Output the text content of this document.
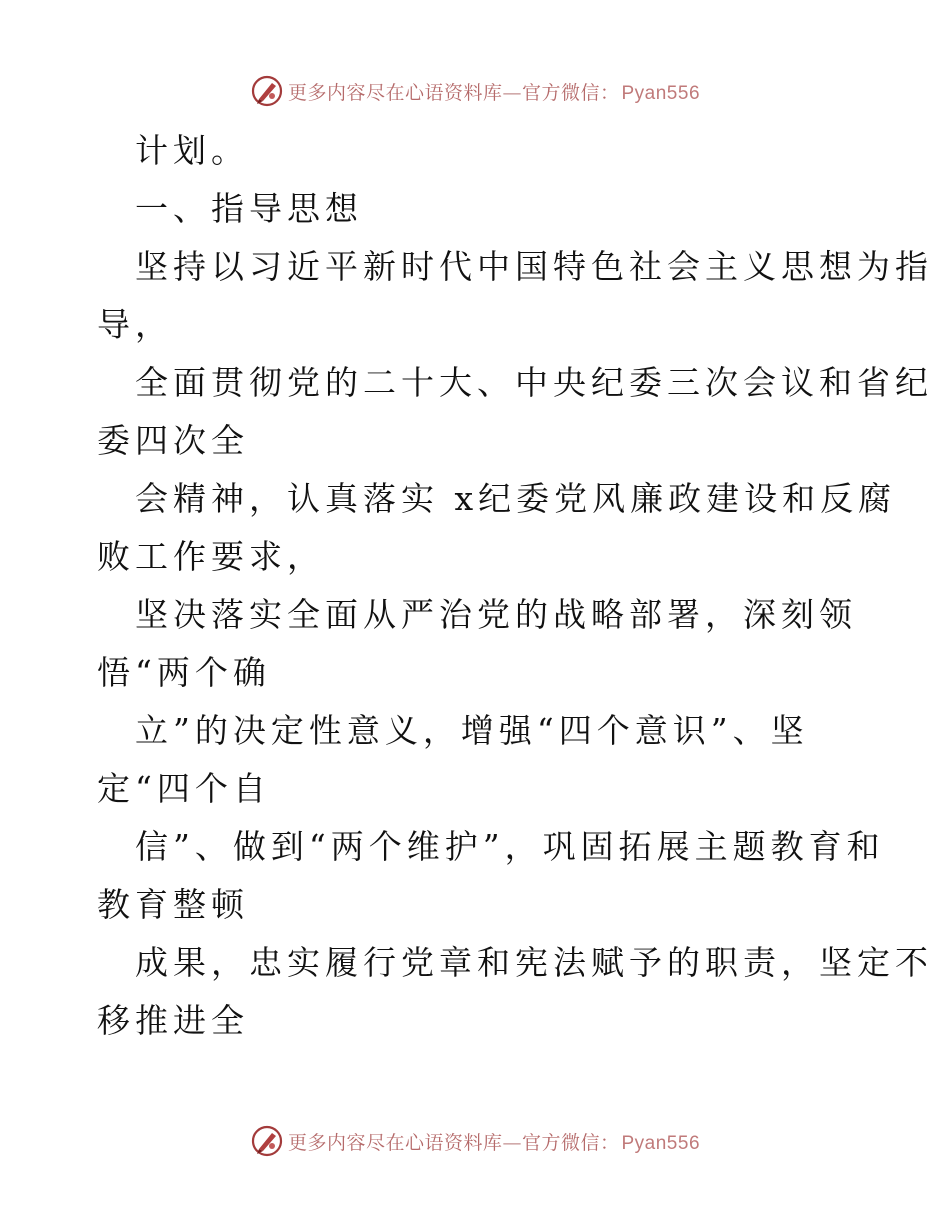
更多内容尽在心语资料库—官方微信： Pyan556
计划。
一、指导思想
坚持以习近平新时代中国特色社会主义思想为指
导，
全面贯彻党的二十大、中央纪委三次会议和省纪
委四次全
会精神，认真落实 x纪委党风廉政建设和反腐
败工作要求，
坚决落实全面从严治党的战略部署，深刻领
悟“两个确
立”的决定性意义，增强“四个意识”、坚
定“四个自
信”、做到“两个维护”，巩固拓展主题教育和
教育整顿
成果，忠实履行党章和宪法赋予的职责，坚定不
移推进全
更多内容尽在心语资料库—官方微信： Pyan556
